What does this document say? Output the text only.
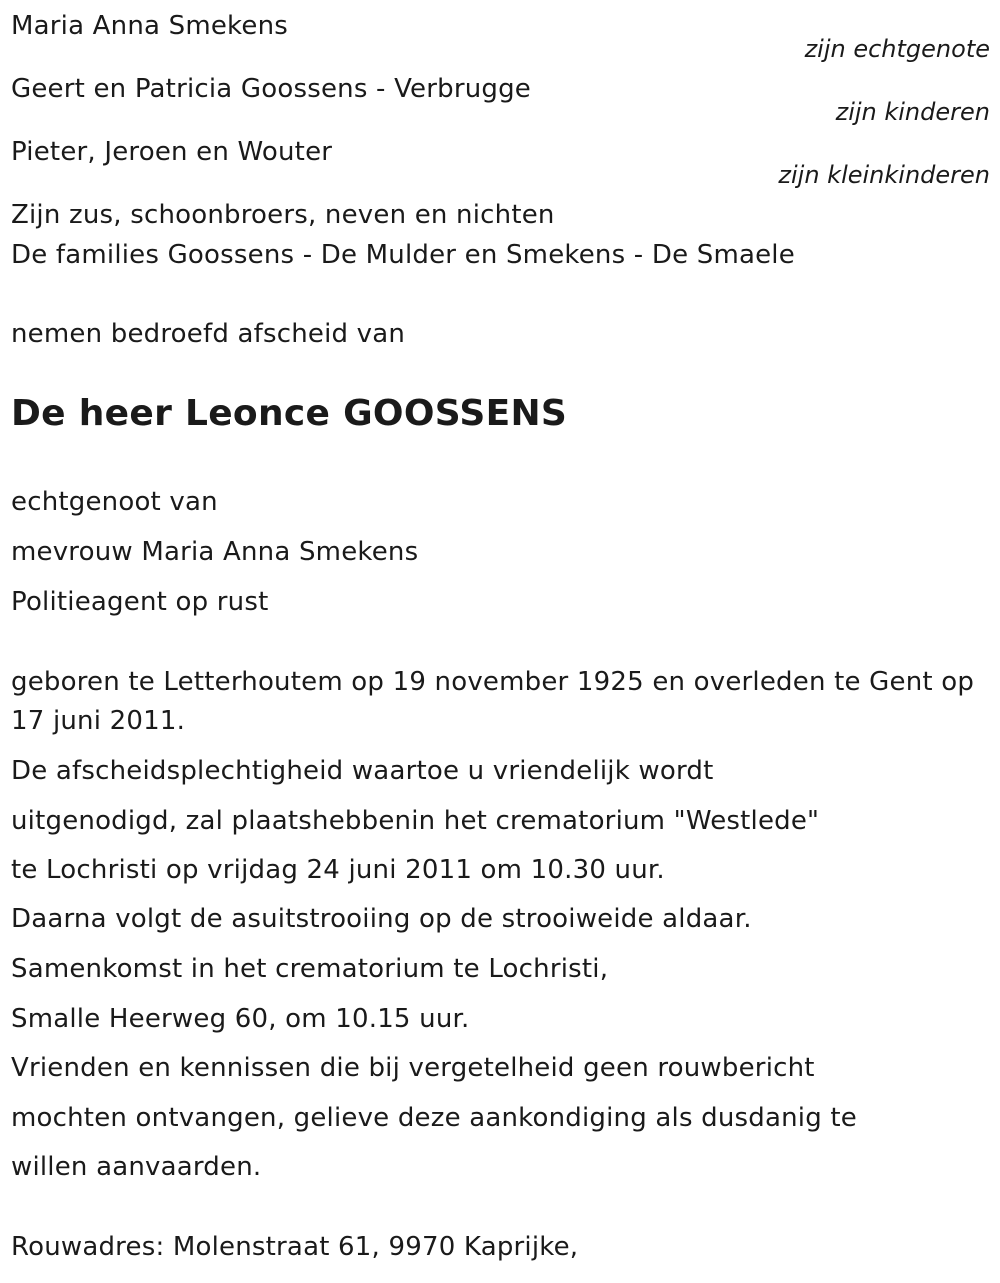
Maria Anna Smekens
zijn echtgenote
Geert en Patricia Goossens - Verbrugge
zijn kinderen
Pieter, Jeroen en Wouter
zijn kleinkinderen
Zijn zus, schoonbroers, neven en nichten
De families Goossens - De Mulder en Smekens - De Smaele
nemen bedroefd afscheid van
De heer Leonce GOOSSENS
echtgenoot van
mevrouw Maria Anna Smekens
Politieagent op rust
geboren te Letterhoutem op 19 november 1925 en overleden te Gent op
17 juni 2011.
De afscheidsplechtigheid waartoe u vriendelijk wordt
uitgenodigd, zal plaatshebbenin het crematorium "Westlede"
te Lochristi op vrijdag 24 juni 2011 om 10.30 uur.
Daarna volgt de asuitstrooiing op de strooiweide aldaar.
Samenkomst in het crematorium te Lochristi,
Smalle Heerweg 60, om 10.15 uur.
Vrienden en kennissen die bij vergetelheid geen rouwbericht
mochten ontvangen, gelieve deze aankondiging als dusdanig te
willen aanvaarden.
Rouwadres: Molenstraat 61, 9970 Kaprijke,
